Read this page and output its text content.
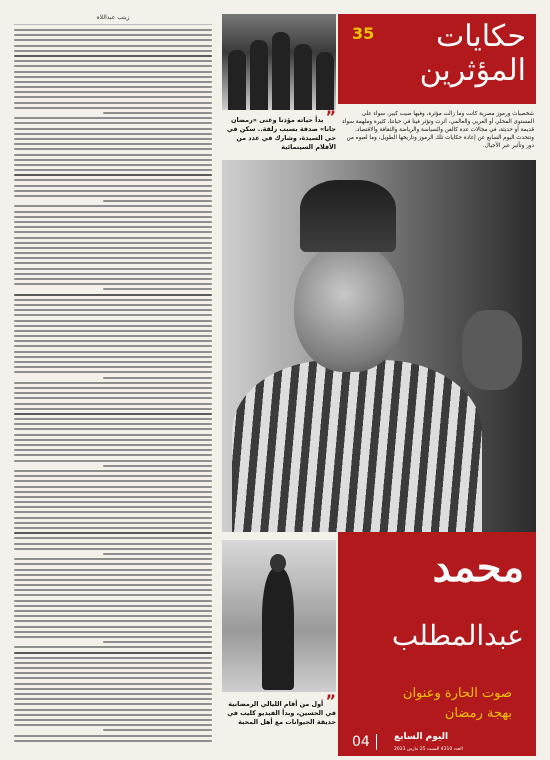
زينب عبداللاه
35	حكايات المؤثرين
شخصيات ورموز مصرية كانت وما زالت مؤثرة، وفيها صيت كبير، سواء على المستوى المحلي أو العربي والعالمي، أثرت وتؤثر فينا في حياتنا، كثيرة وملهمة سواء قديمة أو حديثة، في مجالات عدة كالفن والسياسة والرياضة والثقافة والاقتصاد. ونتحدث اليوم السابع عن إعادة حكايات تلك الرموز وتاريخها الطويل، وما لعبوه من دور وتأثير عبر الأجيال.
” بدأ حياته مؤذنا وغنى «رمضان جانا» صدفة بسبب زلقة.. سكن في حي السيدة، وشارك في عدد من الأفلام السينمائية
” أول من أقام الليالي الرمضانية في الحسين، وبدأ الفيديو كليب في حديقة الحيوانات مع أهل المحبة
محمد
عبدالمطلب
صوت الحارة وعنوان
بهجة رمضان
04	اليوم السابع
العدد 4310 السبت 25 مارس 2023
